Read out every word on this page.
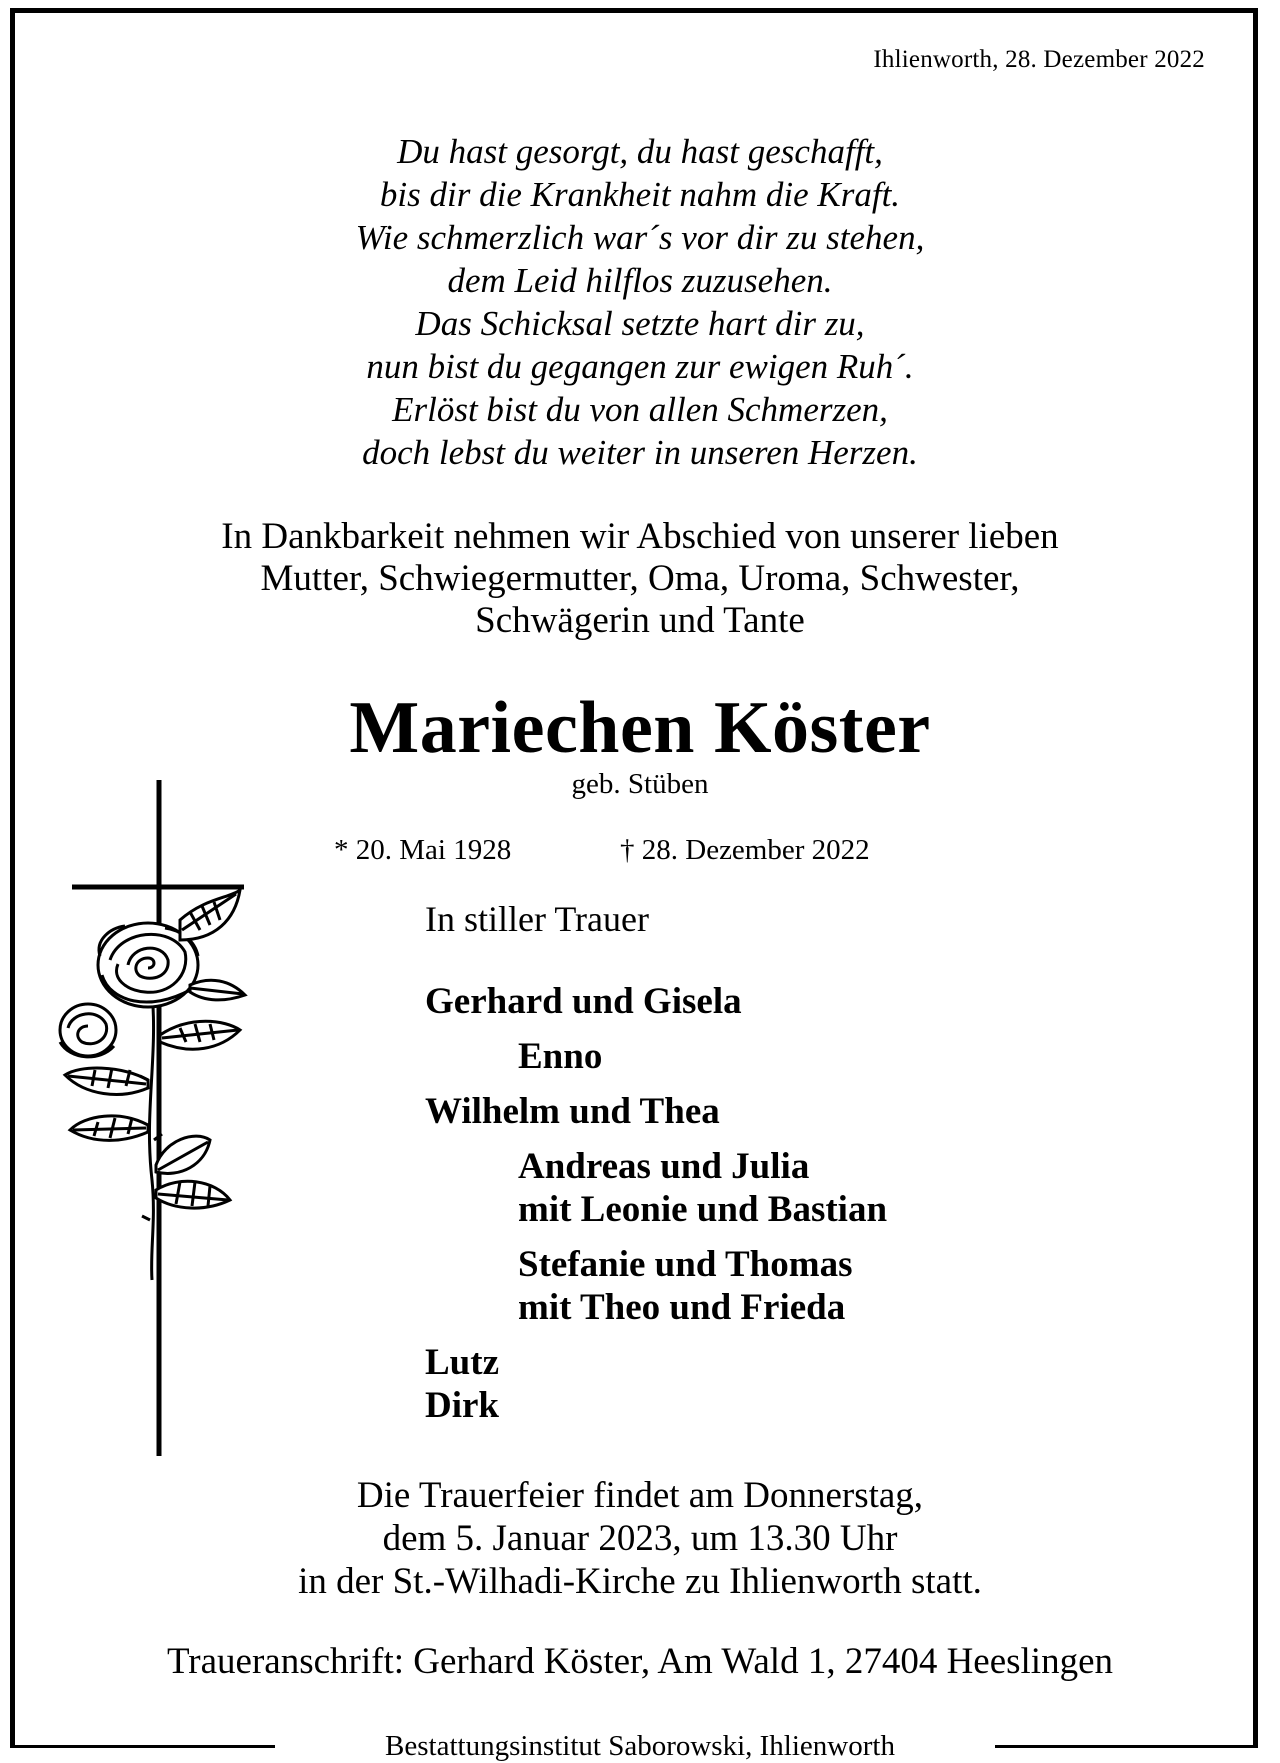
Ihlienworth, 28. Dezember 2022
Du hast gesorgt, du hast geschafft,
bis dir die Krankheit nahm die Kraft.
Wie schmerzlich war´s vor dir zu stehen,
dem Leid hilflos zuzusehen.
Das Schicksal setzte hart dir zu,
nun bist du gegangen zur ewigen Ruh´.
Erlöst bist du von allen Schmerzen,
doch lebst du weiter in unseren Herzen.
In Dankbarkeit nehmen wir Abschied von unserer lieben
Mutter, Schwiegermutter, Oma, Uroma, Schwester,
Schwägerin und Tante
Mariechen Köster
geb. Stüben
* 20. Mai 1928	† 28. Dezember 2022
In stiller Trauer
Gerhard und Gisela
Enno
Wilhelm und Thea
Andreas und Julia
mit Leonie und Bastian
Stefanie und Thomas
mit Theo und Frieda
Lutz
Dirk
Die Trauerfeier findet am Donnerstag,
dem 5. Januar 2023, um 13.30 Uhr
in der St.-Wilhadi-Kirche zu Ihlienworth statt.
Traueranschrift: Gerhard Köster, Am Wald 1, 27404 Heeslingen
Bestattungsinstitut Saborowski, Ihlienworth
